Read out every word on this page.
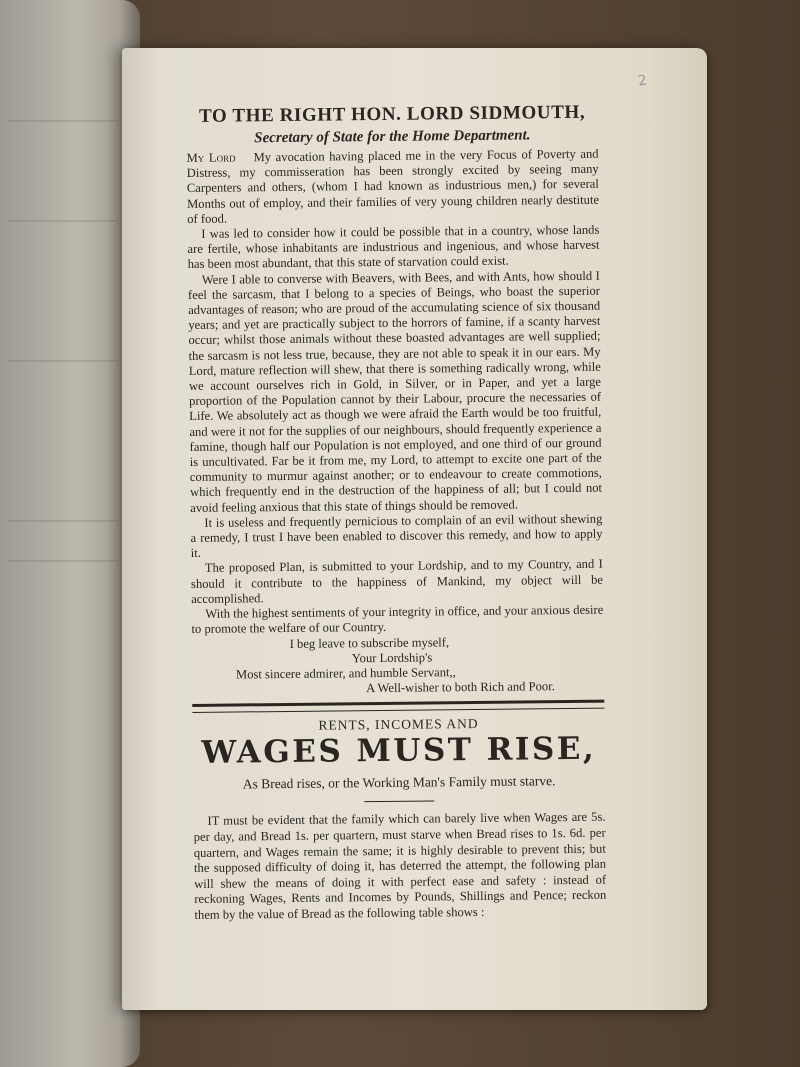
2
TO THE RIGHT HON. LORD SIDMOUTH,
Secretary of State for the Home Department.

My Lord My avocation having placed me in the very Focus of Poverty and Distress, my commisseration has been strongly excited by seeing many Carpenters and others, (whom I had known as industrious men,) for several Months out of employ, and their families of very young children nearly destitute of food.

I was led to consider how it could be possible that in a country, whose lands are fertile, whose inhabitants are industrious and ingenious, and whose harvest has been most abundant, that this state of starvation could exist.

Were I able to converse with Beavers, with Bees, and with Ants, how should I feel the sarcasm, that I belong to a species of Beings, who boast the superior advantages of reason; who are proud of the accumulating science of six thousand years; and yet are practically subject to the horrors of famine, if a scanty harvest occur; whilst those animals without these boasted advantages are well supplied; the sarcasm is not less true, because, they are not able to speak it in our ears. My Lord, mature reflection will shew, that there is something radically wrong, while we account ourselves rich in Gold, in Silver, or in Paper, and yet a large proportion of the Population cannot by their Labour, procure the necessaries of Life. We absolutely act as though we were afraid the Earth would be too fruitful, and were it not for the supplies of our neighbours, should frequently experience a famine, though half our Population is not employed, and one third of our ground is uncultivated. Far be it from me, my Lord, to attempt to excite one part of the community to murmur against another; or to endeavour to create commotions, which frequently end in the destruction of the happiness of all; but I could not avoid feeling anxious that this state of things should be removed.

It is useless and frequently pernicious to complain of an evil without shewing a remedy, I trust I have been enabled to discover this remedy, and how to apply it.

The proposed Plan, is submitted to your Lordship, and to my Country, and I should it contribute to the happiness of Mankind, my object will be accomplished.

With the highest sentiments of your integrity in office, and your anxious desire to promote the welfare of our Country.

I beg leave to subscribe myself,
Your Lordship's
Most sincere admirer, and humble Servant,,
A Well-wisher to both Rich and Poor.
RENTS, INCOMES AND
WAGES MUST RISE,
As Bread rises, or the Working Man's Family must starve.

IT must be evident that the family which can barely live when Wages are 5s. per day, and Bread 1s. per quartern, must starve when Bread rises to 1s. 6d. per quartern, and Wages remain the same; it is highly desirable to prevent this; but the supposed difficulty of doing it, has deterred the attempt, the following plan will shew the means of doing it with perfect ease and safety : instead of reckoning Wages, Rents and Incomes by Pounds, Shillings and Pence; reckon them by the value of Bread as the following table shows :
